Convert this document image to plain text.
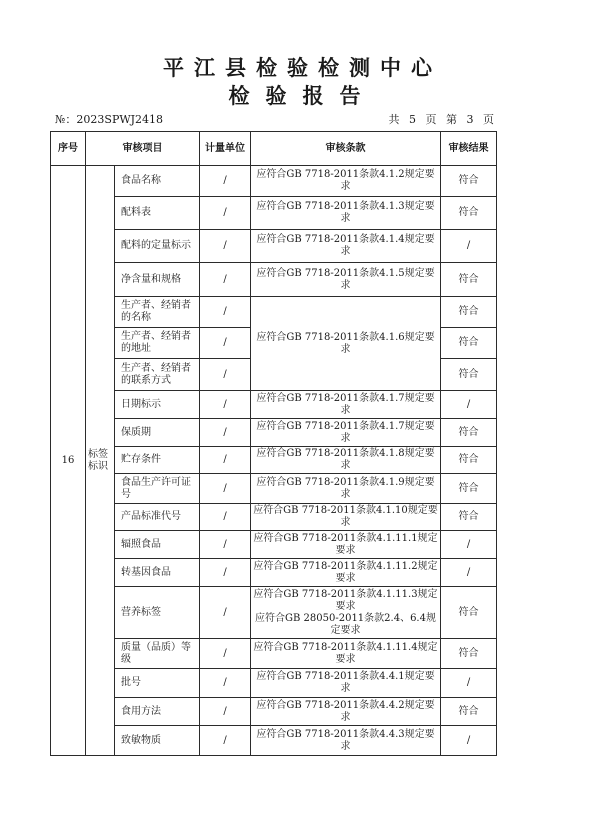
平江县检验检测中心
检验报告
№：2023SPWJ2418	共 5 页 第 3 页
序号	审核项目		计量单位	审核条款	审核结果
16	标签标识	食品名称	/	应符合GB 7718-2011条款4.1.2规定要求	符合
		配料表	/	应符合GB 7718-2011条款4.1.3规定要求	符合
		配料的定量标示	/	应符合GB 7718-2011条款4.1.4规定要求	/
		净含量和规格	/	应符合GB 7718-2011条款4.1.5规定要求	符合
		生产者、经销者的名称	/	应符合GB 7718-2011条款4.1.6规定要求	符合
		生产者、经销者的地址	/		符合
		生产者、经销者的联系方式	/		符合
		日期标示	/	应符合GB 7718-2011条款4.1.7规定要求	/
		保质期	/	应符合GB 7718-2011条款4.1.7规定要求	符合
		贮存条件	/	应符合GB 7718-2011条款4.1.8规定要求	符合
		食品生产许可证号	/	应符合GB 7718-2011条款4.1.9规定要求	符合
		产品标准代号	/	应符合GB 7718-2011条款4.1.10规定要求	符合
		辐照食品	/	应符合GB 7718-2011条款4.1.11.1规定要求	/
		转基因食品	/	应符合GB 7718-2011条款4.1.11.2规定要求	/
		营养标签	/	应符合GB 7718-2011条款4.1.11.3规定要求
应符合GB 28050-2011条款2.4、6.4规定要求	符合
		质量（品质）等级	/	应符合GB 7718-2011条款4.1.11.4规定要求	符合
		批号	/	应符合GB 7718-2011条款4.4.1规定要求	/
		食用方法	/	应符合GB 7718-2011条款4.4.2规定要求	符合
		致敏物质	/	应符合GB 7718-2011条款4.4.3规定要求	/
